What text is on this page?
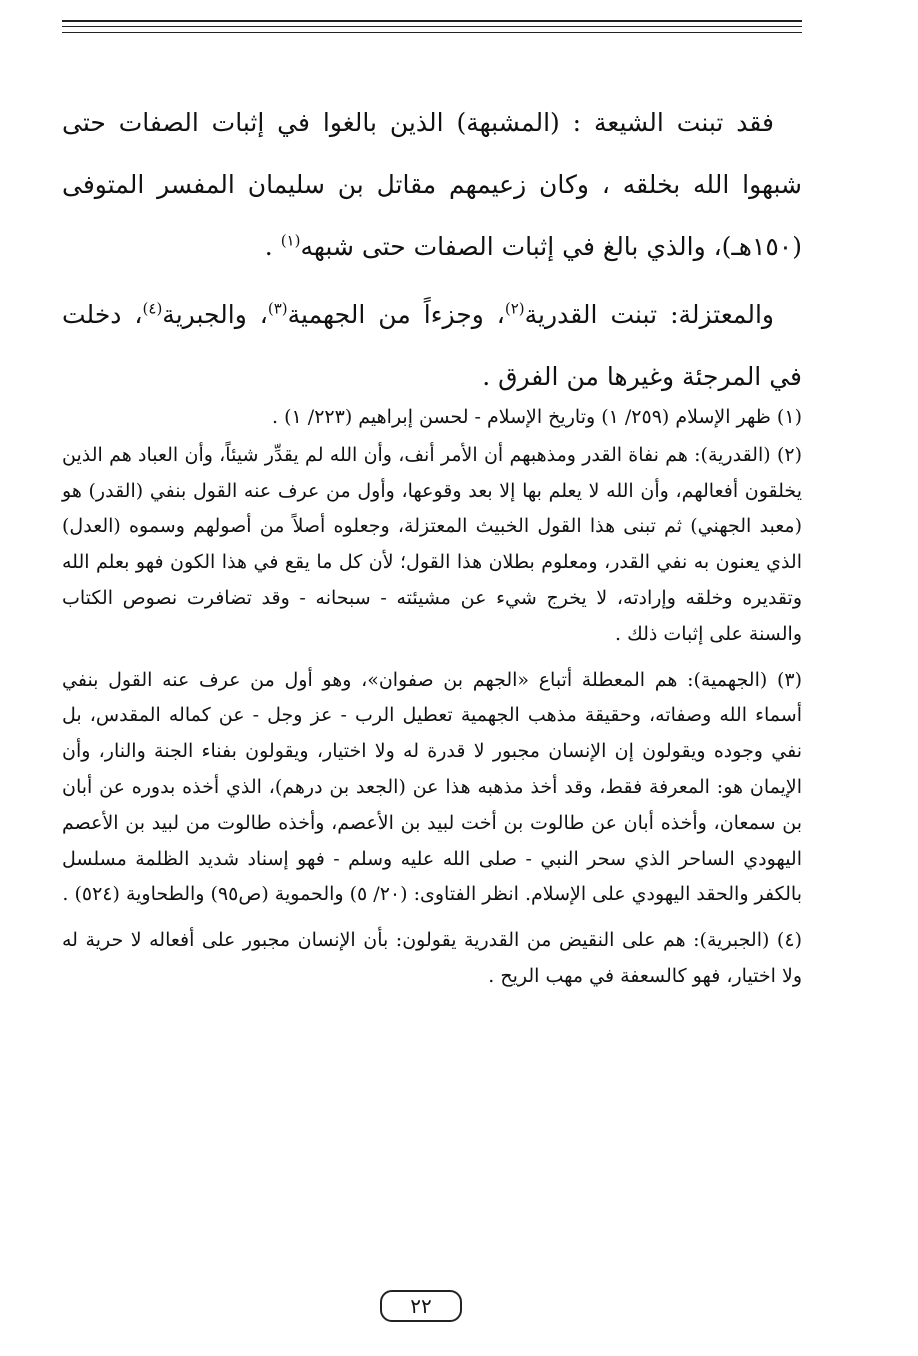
فقد تبنت الشيعة : (المشبهة) الذين بالغوا في إثبات الصفات حتى شبهوا الله بخلقه ، وكان زعيمهم مقاتل بن سليمان المفسر المتوفى (١٥٠هـ)، والذي بالغ في إثبات الصفات حتى شبهه$^{(١)}$ .

والمعتزلة: تبنت القدرية$^{(٢)}$، وجزءاً من الجهمية$^{(٣)}$، والجبرية$^{(٤)}$، دخلت في المرجئة وغيرها من الفرق .

(١) ظهر الإسلام (٢٥٩/ ١) وتاريخ الإسلام - لحسن إبراهيم (٢٢٣/ ١) .

(٢) (القدرية): هم نفاة القدر ومذهبهم أن الأمر أنف، وأن الله لم يقدِّر شيئاً، وأن العباد هم الذين يخلقون أفعالهم، وأن الله لا يعلم بها إلا بعد وقوعها، وأول من عرف عنه القول بنفي (القدر) هو (معبد الجهني) ثم تبنى هذا القول الخبيث المعتزلة، وجعلوه أصلاً من أصولهم وسموه (العدل) الذي يعنون به نفي القدر، ومعلوم بطلان هذا القول؛ لأن كل ما يقع في هذا الكون فهو بعلم الله وتقديره وخلقه وإرادته، لا يخرج شيء عن مشيئته - سبحانه - وقد تضافرت نصوص الكتاب والسنة على إثبات ذلك .

(٣) (الجهمية): هم المعطلة أتباع «الجهم بن صفوان»، وهو أول من عرف عنه القول بنفي أسماء الله وصفاته، وحقيقة مذهب الجهمية تعطيل الرب - عز وجل - عن كماله المقدس، بل نفي وجوده ويقولون إن الإنسان مجبور لا قدرة له ولا اختيار، ويقولون بفناء الجنة والنار، وأن الإيمان هو: المعرفة فقط، وقد أخذ مذهبه هذا عن (الجعد بن درهم)، الذي أخذه بدوره عن أبان بن سمعان، وأخذه أبان عن طالوت بن أخت لبيد بن الأعصم، وأخذه طالوت من لبيد بن الأعصم اليهودي الساحر الذي سحر النبي - صلى الله عليه وسلم - فهو إسناد شديد الظلمة مسلسل بالكفر والحقد اليهودي على الإسلام. انظر الفتاوى: (٢٠/ ٥) والحموية (ص٩٥) والطحاوية (٥٢٤) .

(٤) (الجبرية): هم على النقيض من القدرية يقولون: بأن الإنسان مجبور على أفعاله لا حرية له ولا اختيار، فهو كالسعفة في مهب الريح .

٢٢
